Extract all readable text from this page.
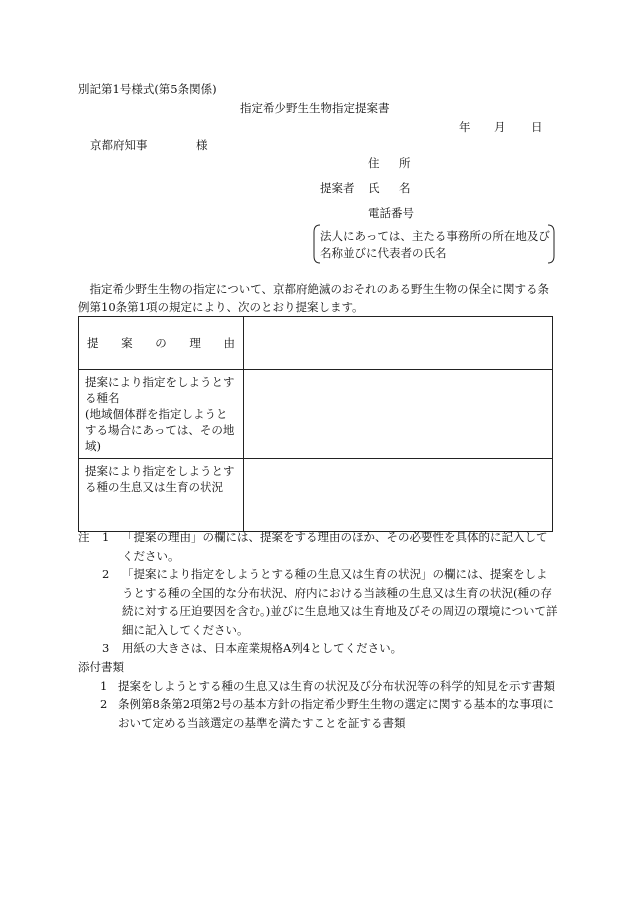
別記第1号様式(第5条関係)
指定希少野生生物指定提案書
年 月 日
京都府知事	様
住 所
提案者 氏 名
電話番号
法人にあっては、主たる事務所の所在地及び名称並びに代表者の氏名
指定希少野生生物の指定について、京都府絶滅のおそれのある野生生物の保全に関する条例第10条第1項の規定により、次のとおり提案します。
提 案 の 理 由	

提案により指定をしようとする種名
(地域個体群を指定しようとする場合にあっては、その地域)	
提案により指定をしようとする種の生息又は生育の状況	
注 1 「提案の理由」の欄には、提案をする理由のほか、その必要性を具体的に記入してください。
2 「提案により指定をしようとする種の生息又は生育の状況」の欄には、提案をしようとする種の全国的な分布状況、府内における当該種の生息又は生育の状況(種の存続に対する圧迫要因を含む。)並びに生息地又は生育地及びその周辺の環境について詳細に記入してください。
3 用紙の大きさは、日本産業規格A列4としてください。
添付書類
1 提案をしようとする種の生息又は生育の状況及び分布状況等の科学的知見を示す書類
2 条例第8条第2項第2号の基本方針の指定希少野生生物の選定に関する基本的な事項において定める当該選定の基準を満たすことを証する書類
